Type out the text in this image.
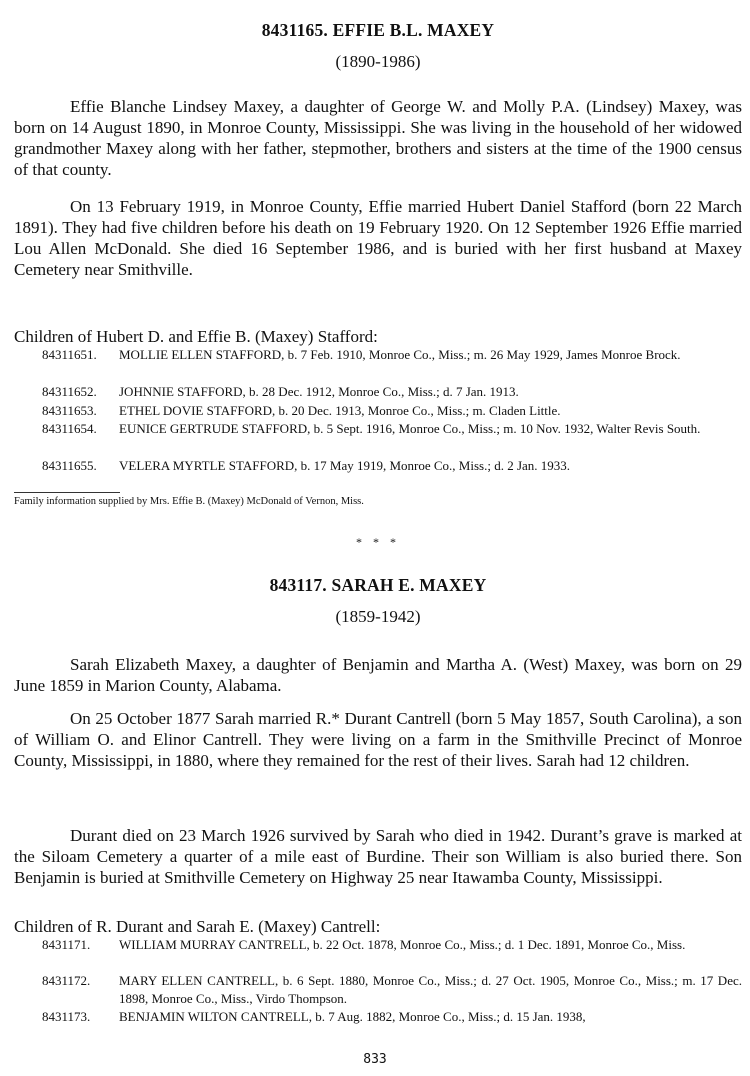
8431165. EFFIE B.L. MAXEY
(1890-1986)

Effie Blanche Lindsey Maxey, a daughter of George W. and Molly P.A. (Lindsey) Maxey, was born on 14 August 1890, in Monroe County, Mississippi. She was living in the household of her widowed grandmother Maxey along with her father, stepmother, brothers and sisters at the time of the 1900 census of that county.

On 13 February 1919, in Monroe County, Effie married Hubert Daniel Stafford (born 22 March 1891). They had five children before his death on 19 February 1920. On 12 September 1926 Effie married Lou Allen McDonald. She died 16 September 1986, and is buried with her first husband at Maxey Cemetery near Smithville.

Children of Hubert D. and Effie B. (Maxey) Stafford:

84311651.	MOLLIE ELLEN STAFFORD, b. 7 Feb. 1910, Monroe Co., Miss.; m. 26 May 1929, James Monroe Brock.
84311652.	JOHNNIE STAFFORD, b. 28 Dec. 1912, Monroe Co., Miss.; d. 7 Jan. 1913.
84311653.	ETHEL DOVIE STAFFORD, b. 20 Dec. 1913, Monroe Co., Miss.; m. Claden Little.
84311654.	EUNICE GERTRUDE STAFFORD, b. 5 Sept. 1916, Monroe Co., Miss.; m. 10 Nov. 1932, Walter Revis South.
84311655.	VELERA MYRTLE STAFFORD, b. 17 May 1919, Monroe Co., Miss.; d. 2 Jan. 1933.
Family information supplied by Mrs. Effie B. (Maxey) McDonald of Vernon, Miss.
* * *
843117. SARAH E. MAXEY
(1859-1942)

Sarah Elizabeth Maxey, a daughter of Benjamin and Martha A. (West) Maxey, was born on 29 June 1859 in Marion County, Alabama.

On 25 October 1877 Sarah married R.* Durant Cantrell (born 5 May 1857, South Carolina), a son of William O. and Elinor Cantrell. They were living on a farm in the Smithville Precinct of Monroe County, Mississippi, in 1880, where they remained for the rest of their lives. Sarah had 12 children.

Durant died on 23 March 1926 survived by Sarah who died in 1942. Durant’s grave is marked at the Siloam Cemetery a quarter of a mile east of Burdine. Their son William is also buried there. Son Benjamin is buried at Smithville Cemetery on Highway 25 near Itawamba County, Mississippi.

Children of R. Durant and Sarah E. (Maxey) Cantrell:

8431171.	WILLIAM MURRAY CANTRELL, b. 22 Oct. 1878, Monroe Co., Miss.; d. 1 Dec. 1891, Monroe Co., Miss.
8431172.	MARY ELLEN CANTRELL, b. 6 Sept. 1880, Monroe Co., Miss.; d. 27 Oct. 1905, Monroe Co., Miss.; m. 17 Dec. 1898, Monroe Co., Miss., Virdo Thompson.
8431173.	BENJAMIN WILTON CANTRELL, b. 7 Aug. 1882, Monroe Co., Miss.; d. 15 Jan. 1938,
833
